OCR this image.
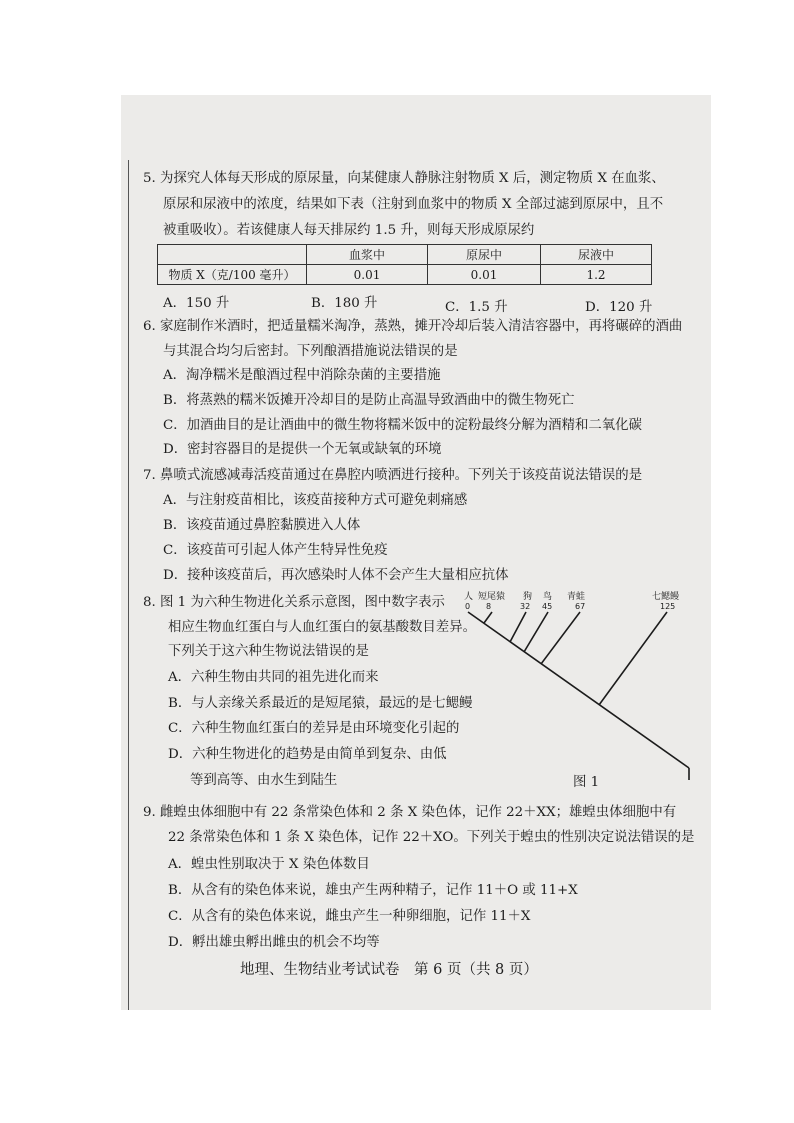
5. 为探究人体每天形成的原尿量，向某健康人静脉注射物质 X 后，测定物质 X 在血浆、
原尿和尿液中的浓度，结果如下表（注射到血浆中的物质 X 全部过滤到原尿中，且不
被重吸收）。若该健康人每天排尿约 1.5 升，则每天形成原尿约
	血浆中	原尿中	尿液中
物质 X（克/100 毫升）	0.01	0.01	1.2
A．150 升	B．180 升	C．1.5 升	D．120 升
6. 家庭制作米酒时，把适量糯米淘净，蒸熟，摊开冷却后装入清洁容器中，再将碾碎的酒曲
与其混合均匀后密封。下列酿酒措施说法错误的是
A．淘净糯米是酿酒过程中消除杂菌的主要措施
B．将蒸熟的糯米饭摊开冷却目的是防止高温导致酒曲中的微生物死亡
C．加酒曲目的是让酒曲中的微生物将糯米饭中的淀粉最终分解为酒精和二氧化碳
D．密封容器目的是提供一个无氧或缺氧的环境
7. 鼻喷式流感减毒活疫苗通过在鼻腔内喷洒进行接种。下列关于该疫苗说法错误的是
A．与注射疫苗相比，该疫苗接种方式可避免刺痛感
B．该疫苗通过鼻腔黏膜进入人体
C．该疫苗可引起人体产生特异性免疫
D．接种该疫苗后，再次感染时人体不会产生大量相应抗体
8. 图 1 为六种生物进化关系示意图，图中数字表示
相应生物血红蛋白与人血红蛋白的氨基酸数目差异。
下列关于这六种生物说法错误的是
A．六种生物由共同的祖先进化而来
B．与人亲缘关系最近的是短尾猿，最远的是七鳃鳗
C．六种生物血红蛋白的差异是由环境变化引起的
D．六种生物进化的趋势是由简单到复杂、由低
等到高等、由水生到陆生
人
0
短尾猿
8
狗
32
鸟
45
青蛙
67
七鳃鳗
125
图 1
9. 雌蝗虫体细胞中有 22 条常染色体和 2 条 X 染色体，记作 22＋XX；雄蝗虫体细胞中有
22 条常染色体和 1 条 X 染色体，记作 22＋XO。下列关于蝗虫的性别决定说法错误的是
A．蝗虫性别取决于 X 染色体数目
B．从含有的染色体来说，雄虫产生两种精子，记作 11＋O 或 11+X
C．从含有的染色体来说，雌虫产生一种卵细胞，记作 11＋X
D．孵出雄虫孵出雌虫的机会不均等
地理、生物结业考试试卷　第 6 页（共 8 页）
